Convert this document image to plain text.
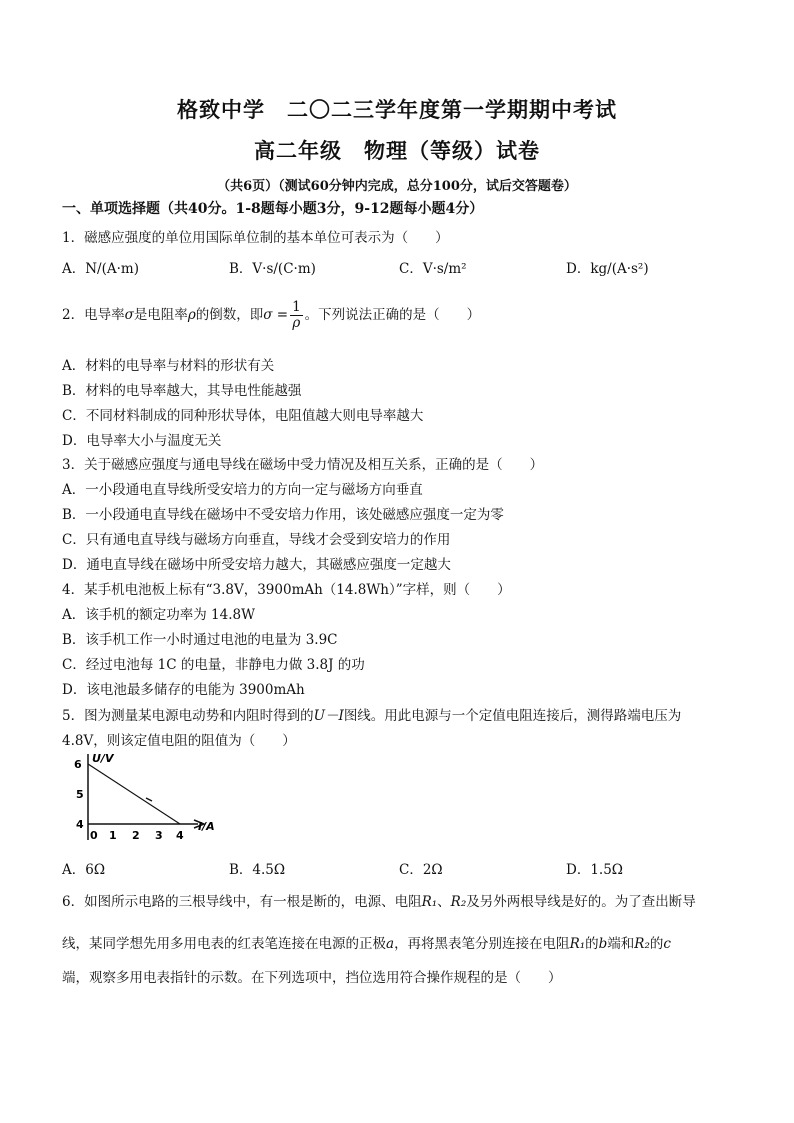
格致中学　二〇二三学年度第一学期期中考试
高二年级　物理（等级）试卷
（共6页）（测试60分钟内完成，总分100分，试后交答题卷）
一、单项选择题（共40分。1-8题每小题3分，9-12题每小题4分）
1．磁感应强度的单位用国际单位制的基本单位可表示为（　　）
A．N/(A·m)	B．V·s/(C·m)	C．V·s/m²	D．kg/(A·s²)
2．电导率σ是电阻率ρ的倒数，即$\sigma = \frac{1}{\rho}$ 。下列说法正确的是（　　）
A．材料的电导率与材料的形状有关
B．材料的电导率越大，其导电性能越强
C．不同材料制成的同种形状导体，电阻值越大则电导率越大
D．电导率大小与温度无关
3．关于磁感应强度与通电导线在磁场中受力情况及相互关系，正确的是（　　）
A．一小段通电直导线所受安培力的方向一定与磁场方向垂直
B．一小段通电直导线在磁场中不受安培力作用，该处磁感应强度一定为零
C．只有通电直导线与磁场方向垂直，导线才会受到安培力的作用
D．通电直导线在磁场中所受安培力越大，其磁感应强度一定越大
4．某手机电池板上标有“3.8V，3900mAh（14.8Wh）”字样，则（　　）
A．该手机的额定功率为 14.8W
B．该手机工作一小时通过电池的电量为 3.9C
C．经过电池每 1C 的电量，非静电力做 3.8J 的功
D．该电池最多储存的电能为 3900mAh
5．图为测量某电源电动势和内阻时得到的U－I图线。用此电源与一个定值电阻连接后，测得路端电压为
4.8V，则该定值电阻的阻值为（　　）
6
5
4
0 1 2 3 4
U/V
I/A
A．6Ω	B．4.5Ω	C．2Ω	D．1.5Ω
6．如图所示电路的三根导线中，有一根是断的，电源、电阻R₁、R₂及另外两根导线是好的。为了查出断导
线，某同学想先用多用电表的红表笔连接在电源的正极a，再将黑表笔分别连接在电阻R₁的b端和R₂的c
端，观察多用电表指针的示数。在下列选项中，挡位选用符合操作规程的是（　　）
